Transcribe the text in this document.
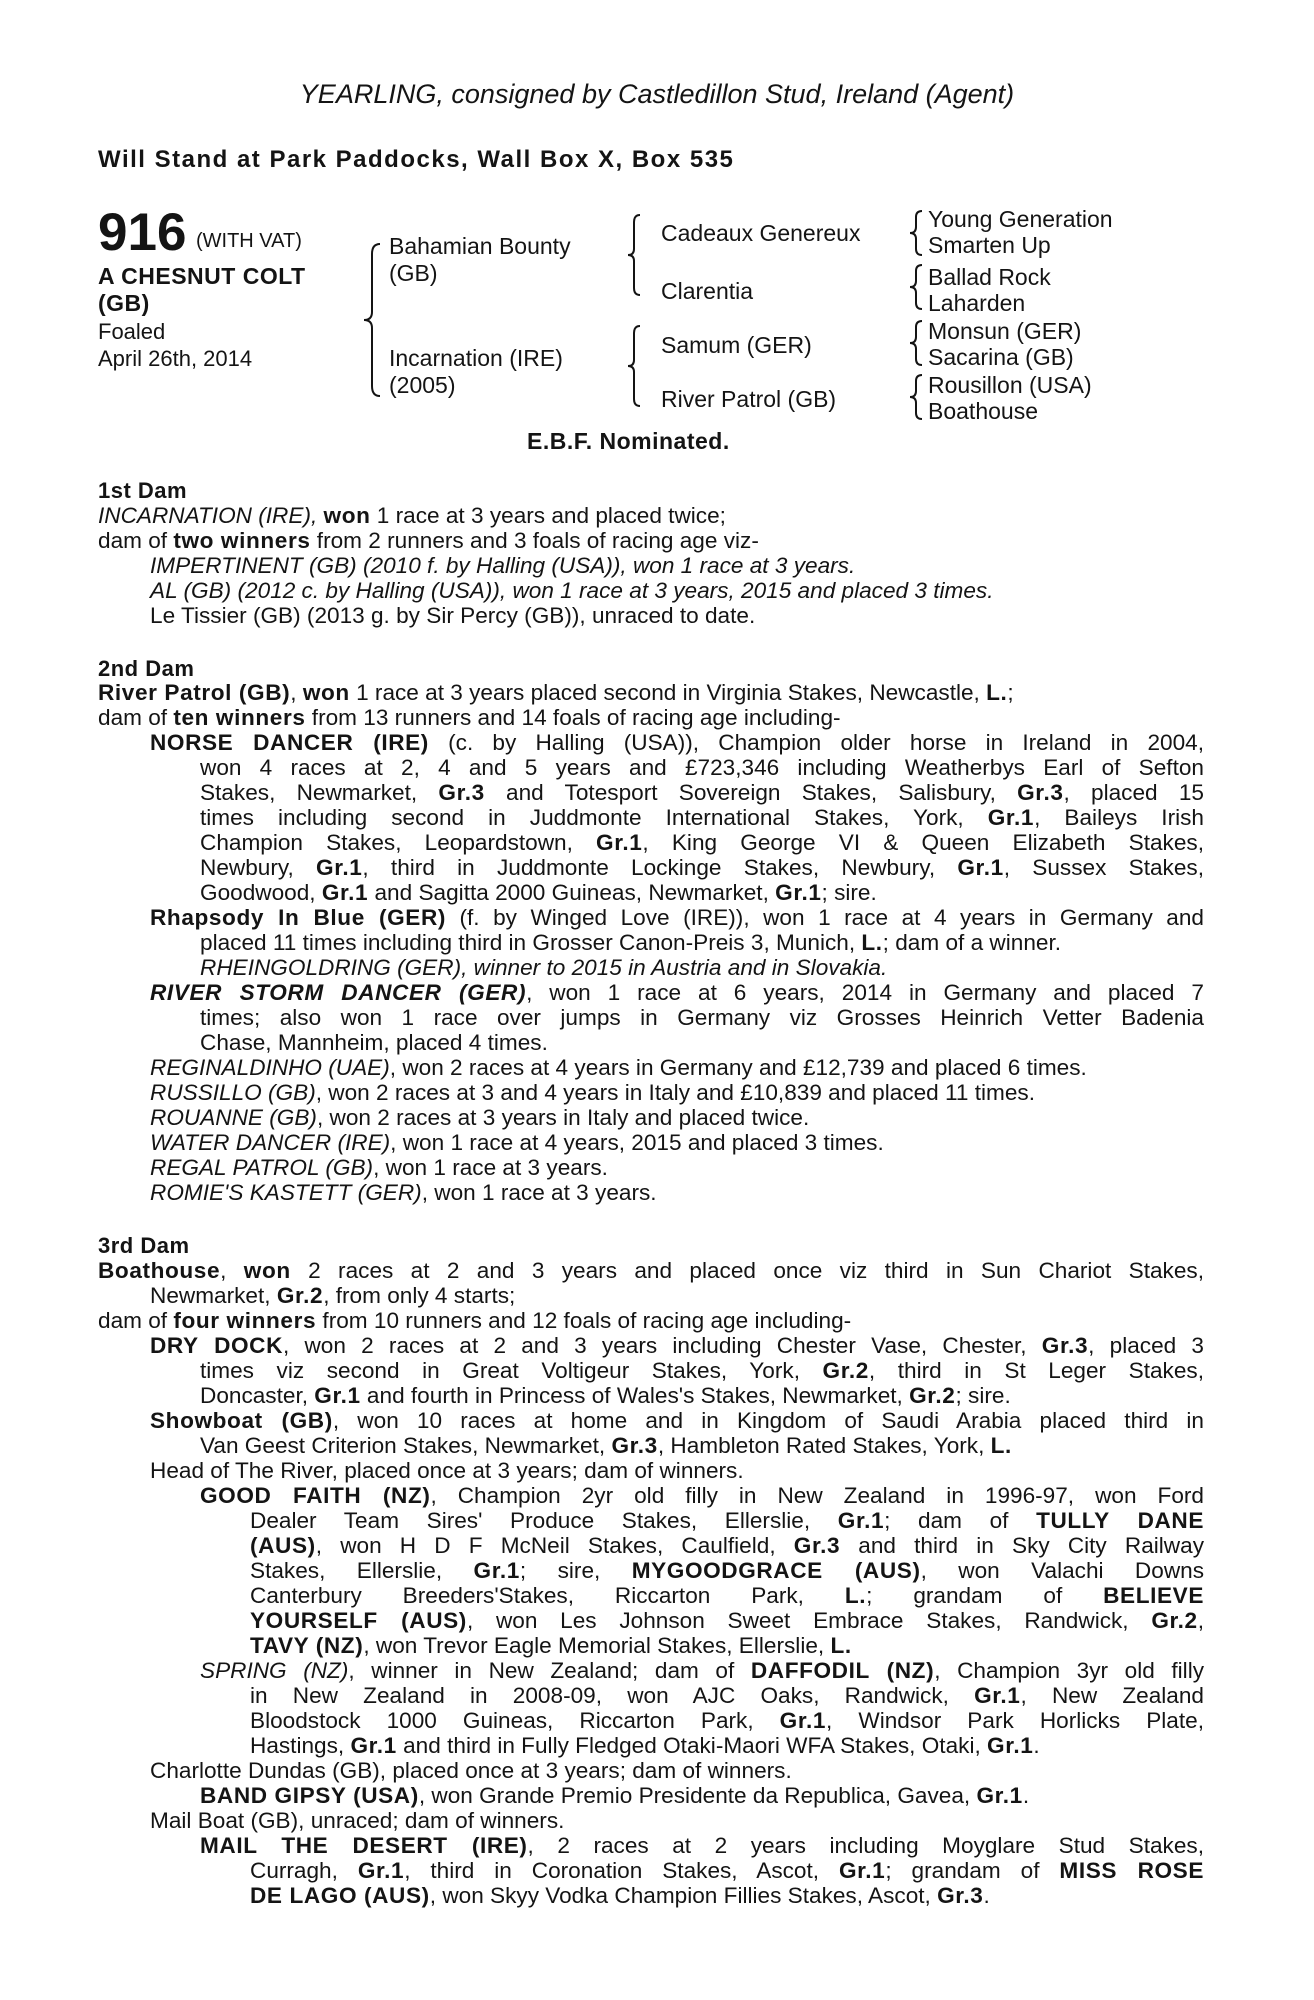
YEARLING, consigned by Castledillon Stud, Ireland (Agent)
Will Stand at Park Paddocks, Wall Box X, Box 535
916 (WITH VAT)
A CHESNUT COLT
(GB)
Foaled
April 26th, 2014
Bahamian Bounty
(GB)
Incarnation (IRE)
(2005)
Cadeaux Genereux
Clarentia
Samum (GER)
River Patrol (GB)
Young Generation
Smarten Up
Ballad Rock
Laharden
Monsun (GER)
Sacarina (GB)
Rousillon (USA)
Boathouse
E.B.F. Nominated.
1st Dam
INCARNATION (IRE), won 1 race at 3 years and placed twice;
dam of two winners from 2 runners and 3 foals of racing age viz-
IMPERTINENT (GB) (2010 f. by Halling (USA)), won 1 race at 3 years.
AL (GB) (2012 c. by Halling (USA)), won 1 race at 3 years, 2015 and placed 3 times.
Le Tissier (GB) (2013 g. by Sir Percy (GB)), unraced to date.
2nd Dam
River Patrol (GB), won 1 race at 3 years placed second in Virginia Stakes, Newcastle, L.;
dam of ten winners from 13 runners and 14 foals of racing age including-
NORSE DANCER (IRE) (c. by Halling (USA)), Champion older horse in Ireland in 2004,
won 4 races at 2, 4 and 5 years and £723,346 including Weatherbys Earl of Sefton
Stakes, Newmarket, Gr.3 and Totesport Sovereign Stakes, Salisbury, Gr.3, placed 15
times including second in Juddmonte International Stakes, York, Gr.1, Baileys Irish
Champion Stakes, Leopardstown, Gr.1, King George VI & Queen Elizabeth Stakes,
Newbury, Gr.1, third in Juddmonte Lockinge Stakes, Newbury, Gr.1, Sussex Stakes,
Goodwood, Gr.1 and Sagitta 2000 Guineas, Newmarket, Gr.1; sire.
Rhapsody In Blue (GER) (f. by Winged Love (IRE)), won 1 race at 4 years in Germany and
placed 11 times including third in Grosser Canon-Preis 3, Munich, L.; dam of a winner.
RHEINGOLDRING (GER), winner to 2015 in Austria and in Slovakia.
RIVER STORM DANCER (GER), won 1 race at 6 years, 2014 in Germany and placed 7
times; also won 1 race over jumps in Germany viz Grosses Heinrich Vetter Badenia
Chase, Mannheim, placed 4 times.
REGINALDINHO (UAE), won 2 races at 4 years in Germany and £12,739 and placed 6 times.
RUSSILLO (GB), won 2 races at 3 and 4 years in Italy and £10,839 and placed 11 times.
ROUANNE (GB), won 2 races at 3 years in Italy and placed twice.
WATER DANCER (IRE), won 1 race at 4 years, 2015 and placed 3 times.
REGAL PATROL (GB), won 1 race at 3 years.
ROMIE'S KASTETT (GER), won 1 race at 3 years.
3rd Dam
Boathouse, won 2 races at 2 and 3 years and placed once viz third in Sun Chariot Stakes,
Newmarket, Gr.2, from only 4 starts;
dam of four winners from 10 runners and 12 foals of racing age including-
DRY DOCK, won 2 races at 2 and 3 years including Chester Vase, Chester, Gr.3, placed 3
times viz second in Great Voltigeur Stakes, York, Gr.2, third in St Leger Stakes,
Doncaster, Gr.1 and fourth in Princess of Wales's Stakes, Newmarket, Gr.2; sire.
Showboat (GB), won 10 races at home and in Kingdom of Saudi Arabia placed third in
Van Geest Criterion Stakes, Newmarket, Gr.3, Hambleton Rated Stakes, York, L.
Head of The River, placed once at 3 years; dam of winners.
GOOD FAITH (NZ), Champion 2yr old filly in New Zealand in 1996-97, won Ford
Dealer Team Sires' Produce Stakes, Ellerslie, Gr.1; dam of TULLY DANE
(AUS), won H D F McNeil Stakes, Caulfield, Gr.3 and third in Sky City Railway
Stakes, Ellerslie, Gr.1; sire, MYGOODGRACE (AUS), won Valachi Downs
Canterbury Breeders'Stakes, Riccarton Park, L.; grandam of BELIEVE
YOURSELF (AUS), won Les Johnson Sweet Embrace Stakes, Randwick, Gr.2,
TAVY (NZ), won Trevor Eagle Memorial Stakes, Ellerslie, L.
SPRING (NZ), winner in New Zealand; dam of DAFFODIL (NZ), Champion 3yr old filly
in New Zealand in 2008-09, won AJC Oaks, Randwick, Gr.1, New Zealand
Bloodstock 1000 Guineas, Riccarton Park, Gr.1, Windsor Park Horlicks Plate,
Hastings, Gr.1 and third in Fully Fledged Otaki-Maori WFA Stakes, Otaki, Gr.1.
Charlotte Dundas (GB), placed once at 3 years; dam of winners.
BAND GIPSY (USA), won Grande Premio Presidente da Republica, Gavea, Gr.1.
Mail Boat (GB), unraced; dam of winners.
MAIL THE DESERT (IRE), 2 races at 2 years including Moyglare Stud Stakes,
Curragh, Gr.1, third in Coronation Stakes, Ascot, Gr.1; grandam of MISS ROSE
DE LAGO (AUS), won Skyy Vodka Champion Fillies Stakes, Ascot, Gr.3.
